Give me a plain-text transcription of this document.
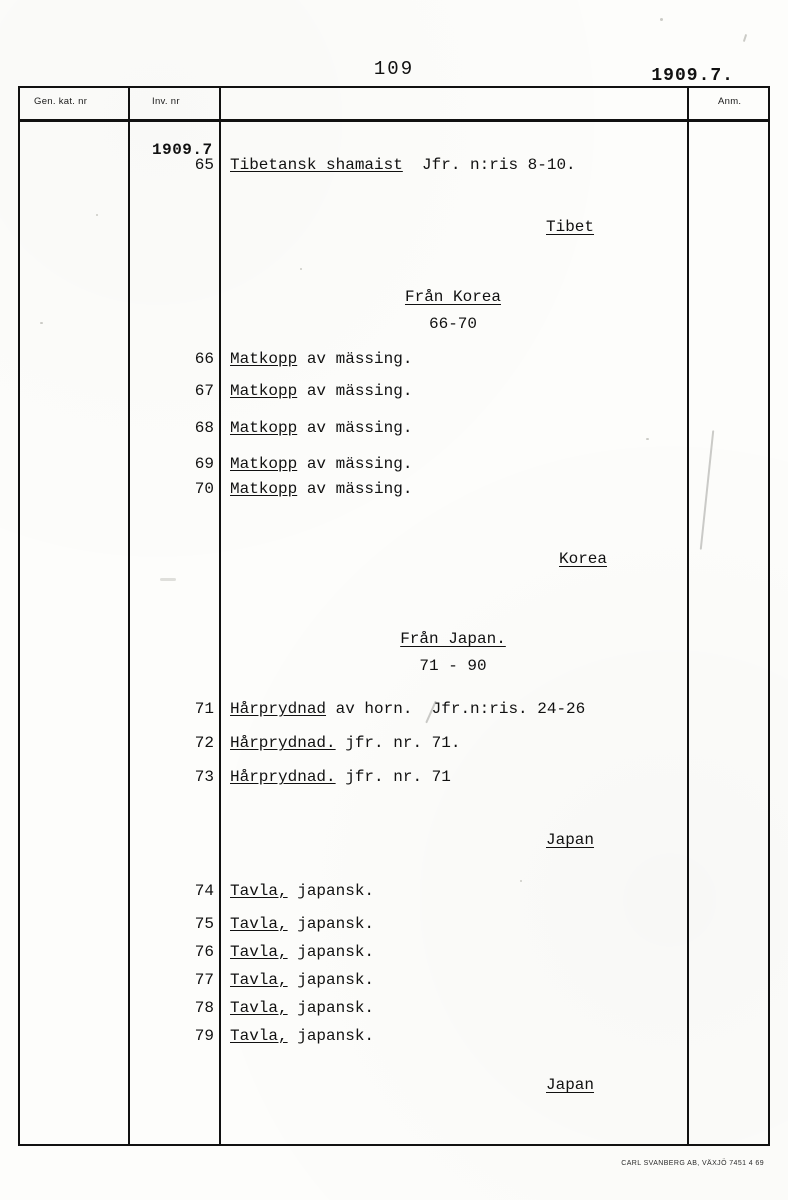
109	1909.7.
Gen. kat. nr	Inv. nr	Anm.
1909.7
65 Tibetansk shamaist  Jfr. n:ris 8-10.
Tibet
Från Korea
66-70
66 Matkopp av mässing.
67 Matkopp av mässing.
68 Matkopp av mässing.
69 Matkopp av mässing.
70 Matkopp av mässing.
Korea
Från Japan.
71 - 90
71 Hårprydnad av horn.  Jfr.n:ris. 24-26
72 Hårprydnad. jfr. nr. 71.
73 Hårprydnad. jfr. nr. 71
Japan
74 Tavla, japansk.
75 Tavla, japansk.
76 Tavla, japansk.
77 Tavla, japansk.
78 Tavla, japansk.
79 Tavla, japansk.
Japan
CARL SVANBERG AB, VÄXJÖ 7451 4 69
